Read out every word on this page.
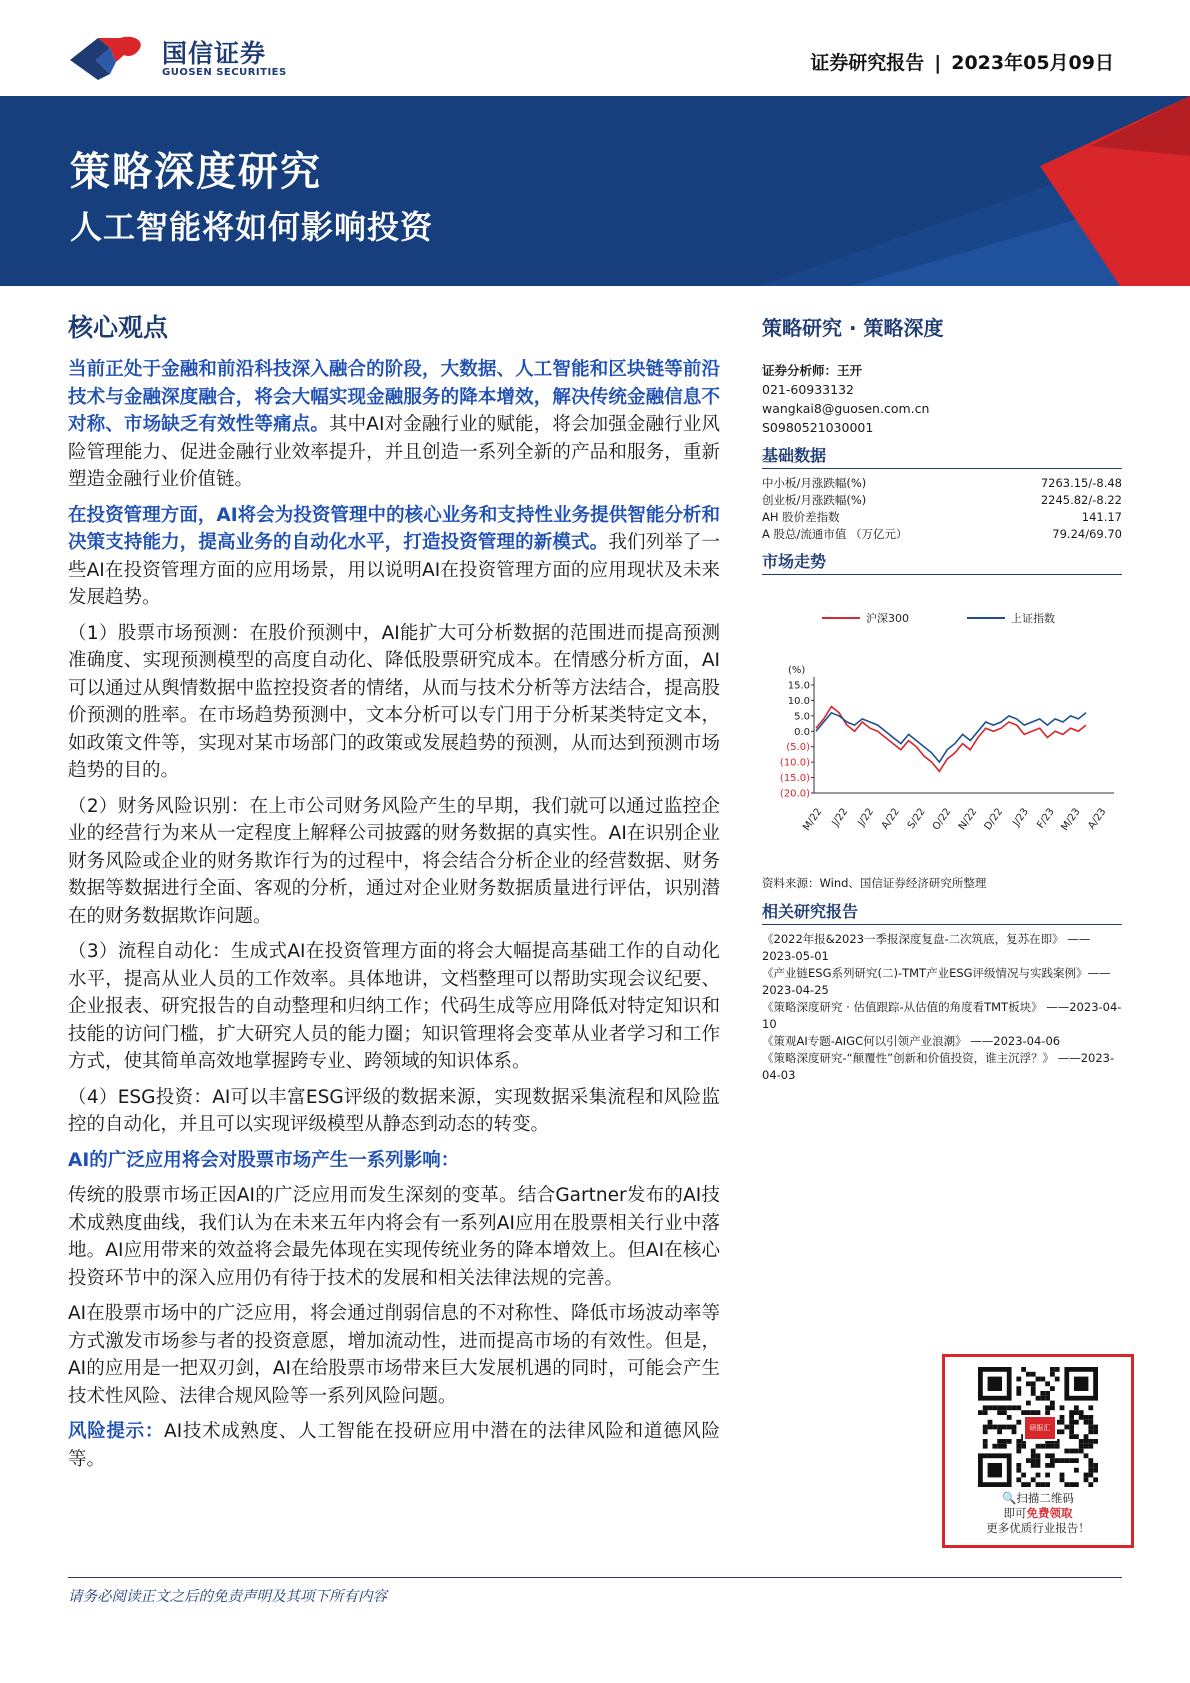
国信证券
GUOSEN SECURITIES	证券研究报告 | 2023年05月09日
策略深度研究
人工智能将如何影响投资
核心观点

当前正处于金融和前沿科技深入融合的阶段，大数据、人工智能和区块链等前沿技术与金融深度融合，将会大幅实现金融服务的降本增效，解决传统金融信息不对称、市场缺乏有效性等痛点。其中AI对金融行业的赋能，将会加强金融行业风险管理能力、促进金融行业效率提升，并且创造一系列全新的产品和服务，重新塑造金融行业价值链。

在投资管理方面，AI将会为投资管理中的核心业务和支持性业务提供智能分析和决策支持能力，提高业务的自动化水平，打造投资管理的新模式。我们列举了一些AI在投资管理方面的应用场景，用以说明AI在投资管理方面的应用现状及未来发展趋势。

（1）股票市场预测：在股价预测中，AI能扩大可分析数据的范围进而提高预测准确度、实现预测模型的高度自动化、降低股票研究成本。在情感分析方面，AI可以通过从舆情数据中监控投资者的情绪，从而与技术分析等方法结合，提高股价预测的胜率。在市场趋势预测中，文本分析可以专门用于分析某类特定文本，如政策文件等，实现对某市场部门的政策或发展趋势的预测，从而达到预测市场趋势的目的。

（2）财务风险识别：在上市公司财务风险产生的早期，我们就可以通过监控企业的经营行为来从一定程度上解释公司披露的财务数据的真实性。AI在识别企业财务风险或企业的财务欺诈行为的过程中，将会结合分析企业的经营数据、财务数据等数据进行全面、客观的分析，通过对企业财务数据质量进行评估，识别潜在的财务数据欺诈问题。

（3）流程自动化：生成式AI在投资管理方面的将会大幅提高基础工作的自动化水平，提高从业人员的工作效率。具体地讲，文档整理可以帮助实现会议纪要、企业报表、研究报告的自动整理和归纳工作；代码生成等应用降低对特定知识和技能的访问门槛，扩大研究人员的能力圈；知识管理将会变革从业者学习和工作方式，使其简单高效地掌握跨专业、跨领域的知识体系。

（4）ESG投资：AI可以丰富ESG评级的数据来源，实现数据采集流程和风险监控的自动化，并且可以实现评级模型从静态到动态的转变。

AI的广泛应用将会对股票市场产生一系列影响：

传统的股票市场正因AI的广泛应用而发生深刻的变革。结合Gartner发布的AI技术成熟度曲线，我们认为在未来五年内将会有一系列AI应用在股票相关行业中落地。AI应用带来的效益将会最先体现在实现传统业务的降本增效上。但AI在核心投资环节中的深入应用仍有待于技术的发展和相关法律法规的完善。

AI在股票市场中的广泛应用，将会通过削弱信息的不对称性、降低市场波动率等方式激发市场参与者的投资意愿，增加流动性，进而提高市场的有效性。但是，AI的应用是一把双刃剑，AI在给股票市场带来巨大发展机遇的同时，可能会产生技术性风险、法律合规风险等一系列风险问题。

风险提示：AI技术成熟度、人工智能在投研应用中潜在的法律风险和道德风险等。

策略研究 · 策略深度
证券分析师：王开
021-60933132
wangkai8@guosen.com.cn
S0980521030001
基础数据
中小板/月涨跌幅(%)	7263.15/-8.48
创业板/月涨跌幅(%)	2245.82/-8.22
AH 股价差指数	141.17
A 股总/流通市值 （万亿元）	79.24/69.70
市场走势
沪深300	上证指数
(%)
15.0
10.0
5.0
0.0
(5.0)
(10.0)
(15.0)
(20.0)
M/22 J/22 J/22 A/22 S/22 O/22 N/22 D/22 J/23 F/23 M/23 A/23
资料来源：Wind、国信证券经济研究所整理
相关研究报告
《2022年报&2023一季报深度复盘-二次筑底，复苏在即》 ——2023-05-01
《产业链ESG系列研究(二)-TMT产业ESG评级情况与实践案例》——2023-04-25
《策略深度研究 · 估值跟踪-从估值的角度看TMT板块》 ——2023-04-10
《策观AI专题-AIGC何以引领产业浪潮》 ——2023-04-06
《策略深度研究-“颠覆性”创新和价值投资，谁主沉浮？》 ——2023-04-03
研报汇
🔍扫描二维码
即可免费领取
更多优质行业报告！
请务必阅读正文之后的免责声明及其项下所有内容
